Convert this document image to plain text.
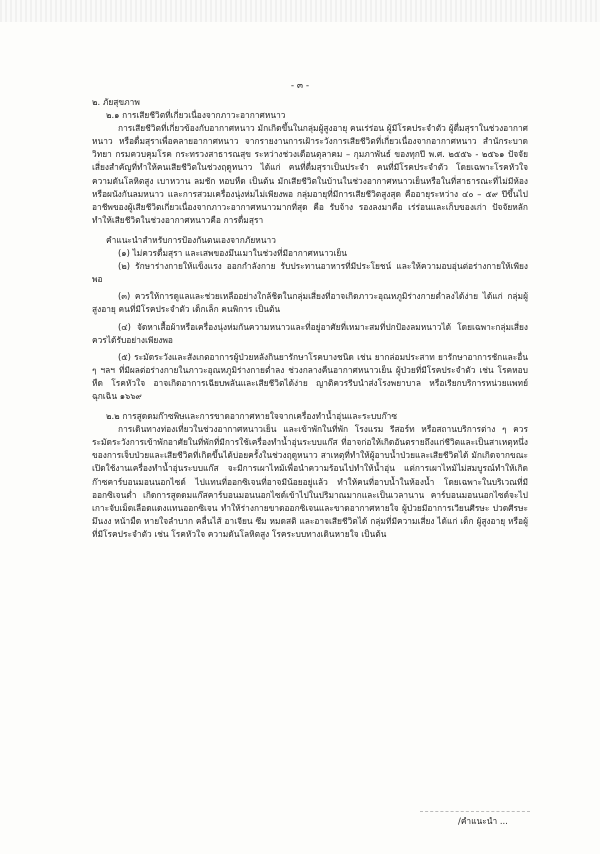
- ๓ -

๒. ภัยสุขภาพ

๒.๑ การเสียชีวิตที่เกี่ยวเนื่องจากภาวะอากาศหนาว

การเสียชีวิตที่เกี่ยวข้องกับอากาศหนาว มักเกิดขึ้นในกลุ่มผู้สูงอายุ คนเร่ร่อน ผู้มีโรคประจำตัว ผู้ดื่มสุราในช่วงอากาศหนาว หรือดื่มสุราเพื่อคลายอากาศหนาว จากรายงานการเฝ้าระวังการเสียชีวิตที่เกี่ยวเนื่องจากอากาศหนาว สำนักระบาดวิทยา กรมควบคุมโรค กระทรวงสาธารณสุข ระหว่างช่วงเดือนตุลาคม – กุมภาพันธ์ ของทุกปี พ.ศ. ๒๕๕๖ - ๒๕๖๑ ปัจจัยเสี่ยงสำคัญที่ทำให้คนเสียชีวิตในช่วงฤดูหนาว ได้แก่ คนที่ดื่มสุราเป็นประจำ คนที่มีโรคประจำตัว โดยเฉพาะโรคหัวใจ ความดันโลหิตสูง เบาหวาน ลมชัก หอบหืด เป็นต้น มักเสียชีวิตในบ้านในช่วงอากาศหนาวเย็นหรือในที่สาธารณะที่ไม่มีห้องหรือผนังกันลมหนาว และการสวมเครื่องนุ่งห่มไม่เพียงพอ กลุ่มอายุที่มีการเสียชีวิตสูงสุด คืออายุระหว่าง ๔๐ – ๕๙ ปีขึ้นไป อาชีพของผู้เสียชีวิตเกี่ยวเนื่องจากภาวะอากาศหนาวมากที่สุด คือ รับจ้าง รองลงมาคือ เร่ร่อนและเก็บของเก่า ปัจจัยหลักทำให้เสียชีวิตในช่วงอากาศหนาวคือ การดื่มสุรา

คำแนะนำสำหรับการป้องกันตนเองจากภัยหนาว

(๑) ไม่ควรดื่มสุรา และเสพของมึนเมาในช่วงที่มีอากาศหนาวเย็น

(๒) รักษาร่างกายให้แข็งแรง ออกกำลังกาย รับประทานอาหารที่มีประโยชน์ และให้ความอบอุ่นต่อร่างกายให้เพียงพอ

(๓) ควรให้การดูแลและช่วยเหลืออย่างใกล้ชิดในกลุ่มเสี่ยงที่อาจเกิดภาวะอุณหภูมิร่างกายต่ำลงได้ง่าย ได้แก่ กลุ่มผู้สูงอายุ คนที่มีโรคประจำตัว เด็กเล็ก คนพิการ เป็นต้น

(๔) จัดหาเสื้อผ้าหรือเครื่องนุ่งห่มกันความหนาวและที่อยู่อาศัยที่เหมาะสมที่ปกป้องลมหนาวได้ โดยเฉพาะกลุ่มเสี่ยงควรได้รับอย่างเพียงพอ

(๕) ระมัดระวังและสังเกตอาการผู้ป่วยหลังกินยารักษาโรคบางชนิด เช่น ยากล่อมประสาท ยารักษาอาการชักและอื่น ๆ ฯลฯ ที่มีผลต่อร่างกายในภาวะอุณหภูมิร่างกายต่ำลง ช่วงกลางคืนอากาศหนาวเย็น ผู้ป่วยที่มีโรคประจำตัว เช่น โรคหอบหืด โรคหัวใจ อาจเกิดอาการเฉียบพลันและเสียชีวิตได้ง่าย ญาติควรรีบนำส่งโรงพยาบาล หรือเรียกบริการหน่วยแพทย์ฉุกเฉิน ๑๖๖๙

๒.๒ การสูดดมก๊าซพิษและการขาดอากาศหายใจจากเครื่องทำน้ำอุ่นและระบบก๊าซ

การเดินทางท่องเที่ยวในช่วงอากาศหนาวเย็น และเข้าพักในที่พัก โรงแรม รีสอร์ท หรือสถานบริการต่าง ๆ ควรระมัดระวังการเข้าพักอาศัยในที่พักที่มีการใช้เครื่องทำน้ำอุ่นระบบแก๊ส ที่อาจก่อให้เกิดอันตรายถึงแก่ชีวิตและเป็นสาเหตุหนึ่งของการเจ็บป่วยและเสียชีวิตที่เกิดขึ้นได้บ่อยครั้งในช่วงฤดูหนาว สาเหตุที่ทำให้ผู้อาบน้ำป่วยและเสียชีวิตได้ มักเกิดจากขณะเปิดใช้งานเครื่องทำน้ำอุ่นระบบแก๊ส จะมีการเผาไหม้เพื่อนำความร้อนไปทำให้น้ำอุ่น แต่การเผาไหม้ไม่สมบูรณ์ทำให้เกิดก๊าซคาร์บอนมอนนอกไซด์ ไปแทนที่ออกซิเจนที่อาจมีน้อยอยู่แล้ว ทำให้คนที่อาบน้ำในห้องน้ำ โดยเฉพาะในบริเวณที่มีออกซิเจนต่ำ เกิดการสูดดมแก๊สคาร์บอนมอนนอกไซด์เข้าไปในปริมาณมากและเป็นเวลานาน คาร์บอนมอนนอกไซด์จะไปเกาะจับเม็ดเลือดแดงแทนออกซิเจน ทำให้ร่างกายขาดออกซิเจนและขาดอากาศหายใจ ผู้ป่วยมีอาการเวียนศีรษะ ปวดศีรษะ มึนงง หน้ามืด หายใจลำบาก คลื่นไส้ อาเจียน ซึม หมดสติ และอาจเสียชีวิตได้ กลุ่มที่มีความเสี่ยง ได้แก่ เด็ก ผู้สูงอายุ หรือผู้ที่มีโรคประจำตัว เช่น โรคหัวใจ ความดันโลหิตสูง โรคระบบทางเดินหายใจ เป็นต้น

/คำแนะนำ ...
